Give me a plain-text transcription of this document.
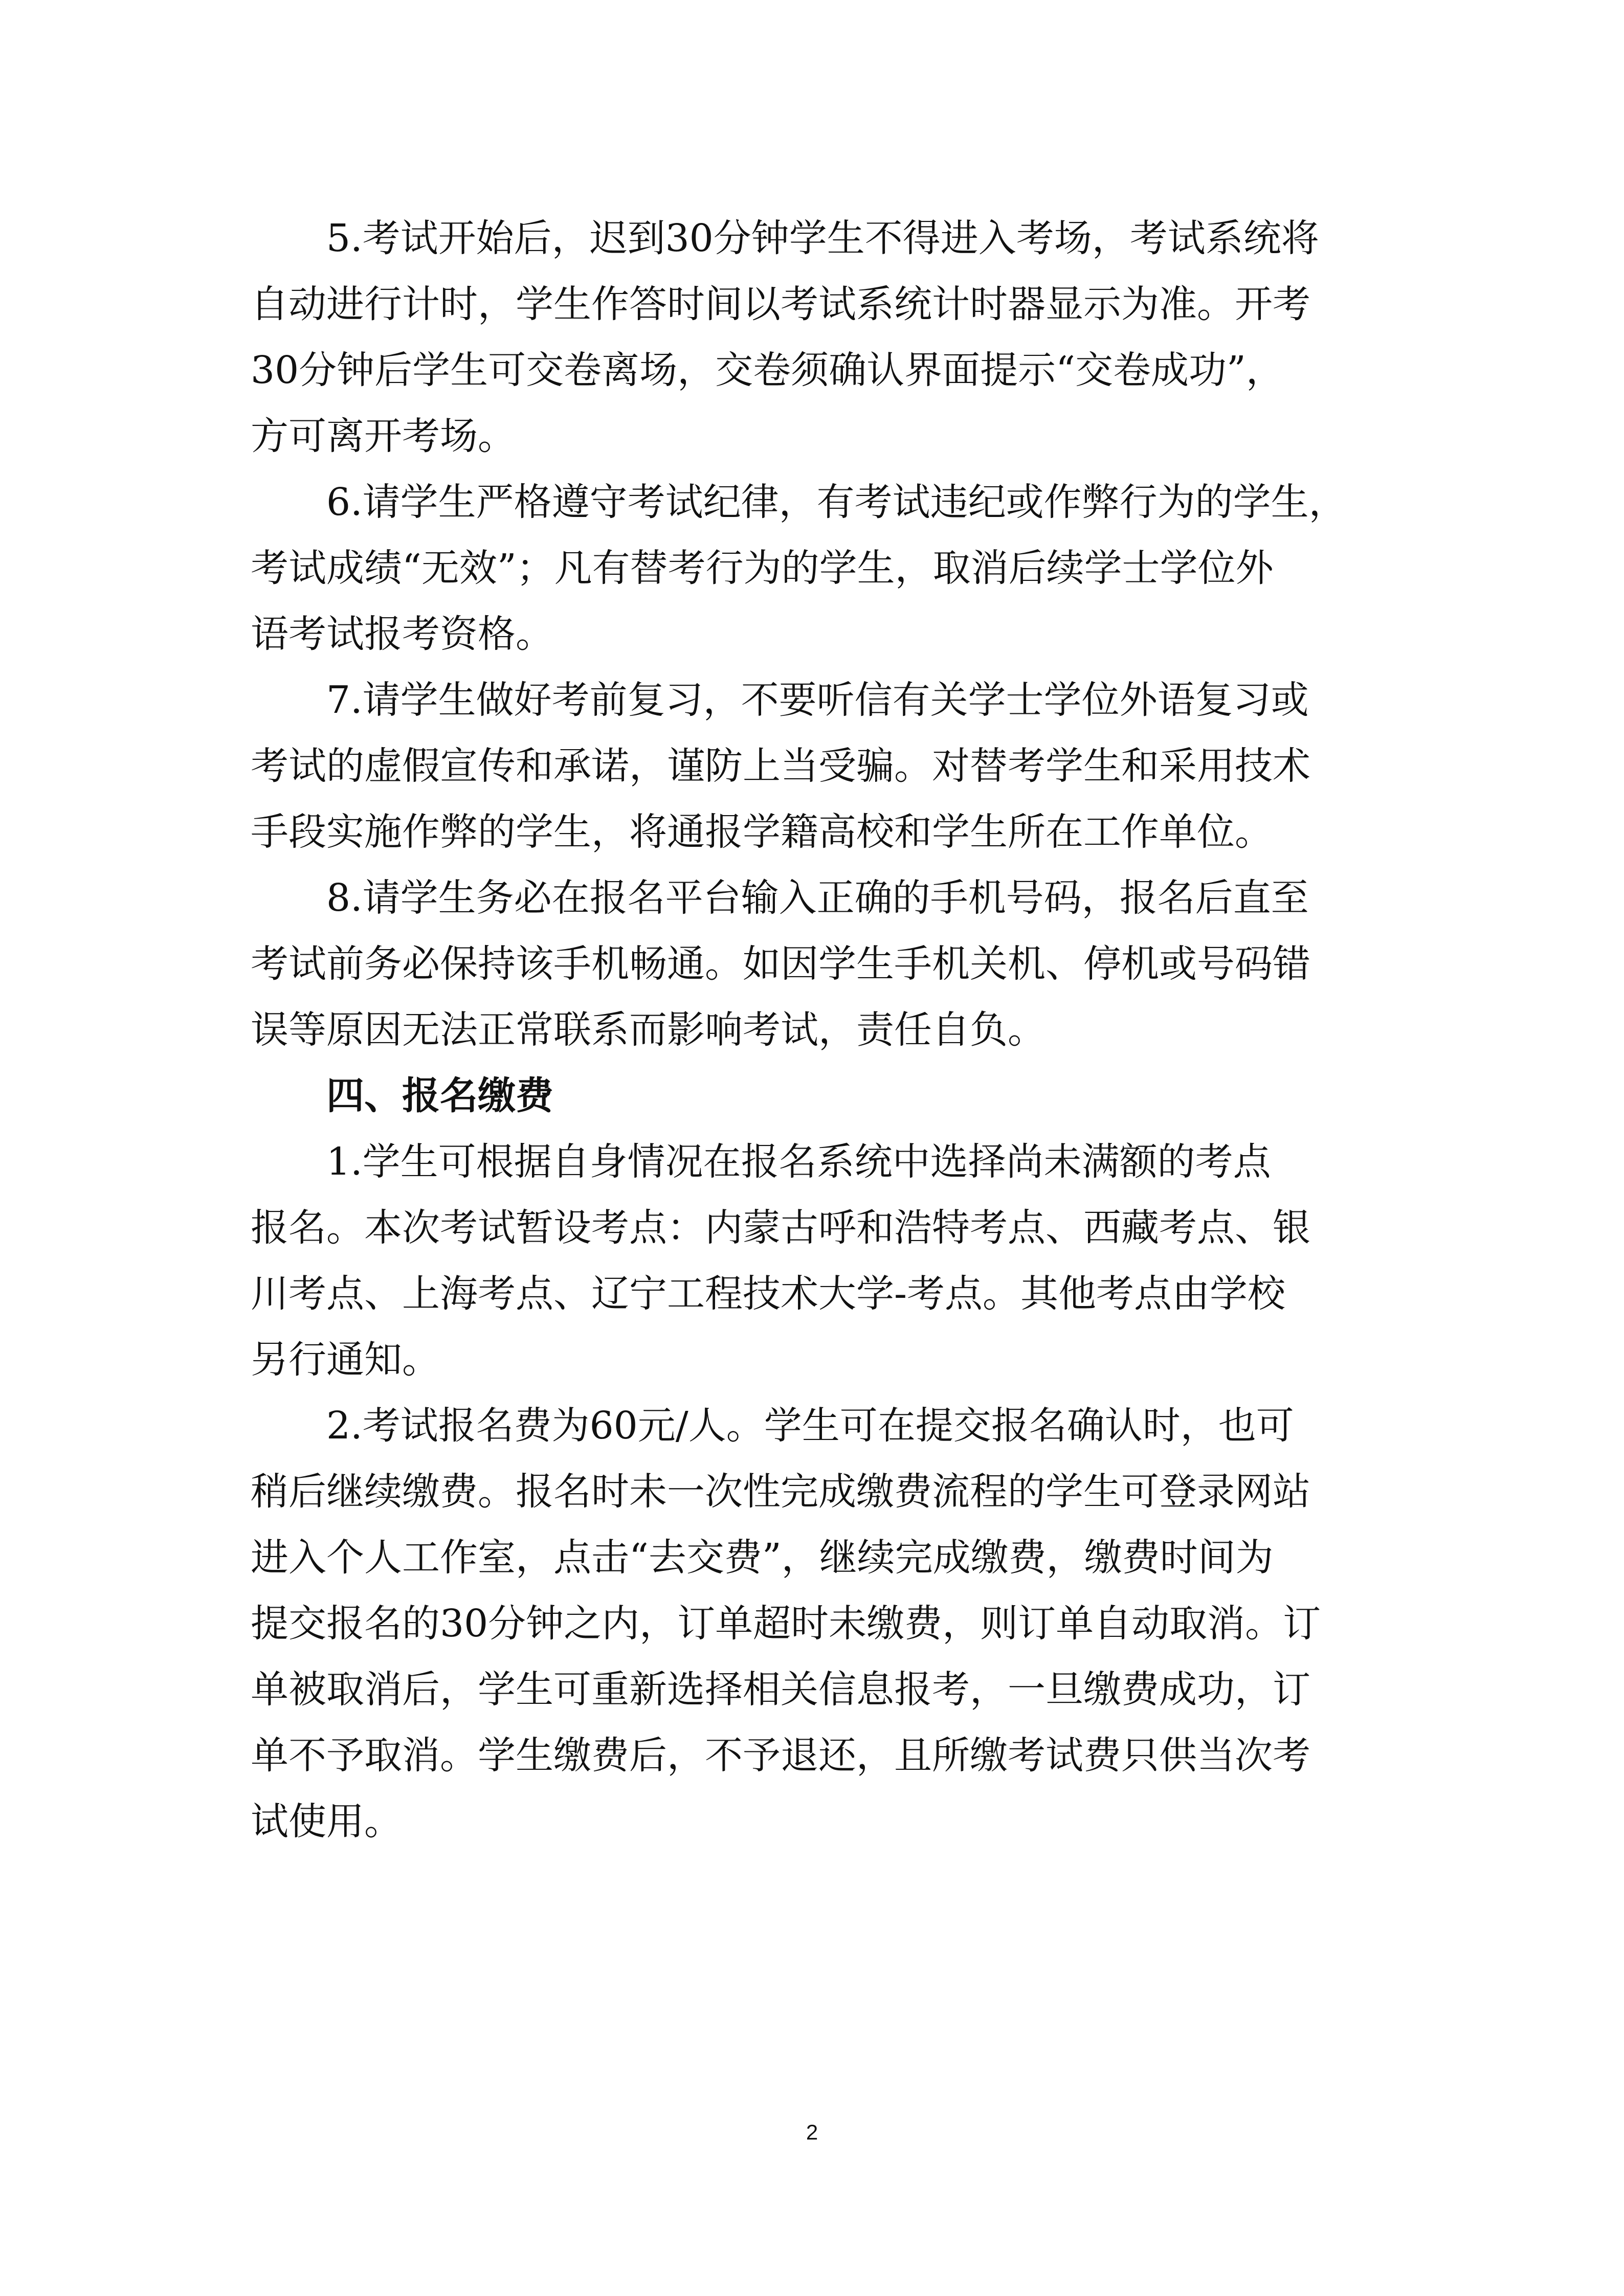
5.考试开始后，迟到30分钟学生不得进入考场，考试系统将
自动进行计时，学生作答时间以考试系统计时器显示为准。开考
30分钟后学生可交卷离场，交卷须确认界面提示“交卷成功”，
方可离开考场。

6.请学生严格遵守考试纪律，有考试违纪或作弊行为的学生，
考试成绩“无效”；凡有替考行为的学生，取消后续学士学位外
语考试报考资格。

7.请学生做好考前复习，不要听信有关学士学位外语复习或
考试的虚假宣传和承诺，谨防上当受骗。对替考学生和采用技术
手段实施作弊的学生，将通报学籍高校和学生所在工作单位。

8.请学生务必在报名平台输入正确的手机号码，报名后直至
考试前务必保持该手机畅通。如因学生手机关机、停机或号码错
误等原因无法正常联系而影响考试，责任自负。

四、报名缴费

1.学生可根据自身情况在报名系统中选择尚未满额的考点
报名。本次考试暂设考点：内蒙古呼和浩特考点、西藏考点、银
川考点、上海考点、辽宁工程技术大学-考点。其他考点由学校
另行通知。

2.考试报名费为60元/人。学生可在提交报名确认时，也可
稍后继续缴费。报名时未一次性完成缴费流程的学生可登录网站
进入个人工作室，点击“去交费”，继续完成缴费，缴费时间为
提交报名的30分钟之内，订单超时未缴费，则订单自动取消。订
单被取消后，学生可重新选择相关信息报考，一旦缴费成功，订
单不予取消。学生缴费后，不予退还，且所缴考试费只供当次考
试使用。

2
